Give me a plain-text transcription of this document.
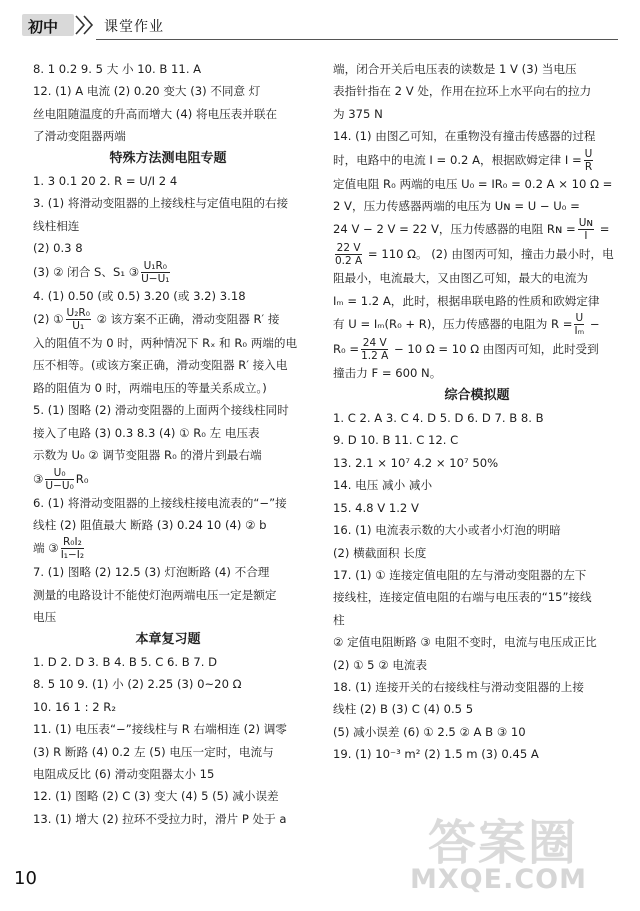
初中	课堂作业
8. 1 0.2 9. 5 大 小 10. B 11. A
12. (1) A 电流 (2) 0.20 变大 (3) 不同意 灯
丝电阻随温度的升高而增大 (4) 将电压表并联在
了滑动变阻器两端
特殊方法测电阻专题
1. 3 0.1 20 2. R = U/I 2 4
3. (1) 将滑动变阻器的上接线柱与定值电阻的右接
线柱相连
(2) 0.3 8
(3) ② 闭合 S、S₁ ③ $\frac{\text{U₁R₀}}{\text{U−U₁}}$
4. (1) 0.50 (或 0.5) 3.20 (或 3.2) 3.18
(2) ① $\frac{\text{U₂R₀}}{\text{U₁}}$ ② 该方案不正确，滑动变阻器 R′ 接
入的阻值不为 0 时，两种情况下 Rₓ 和 R₀ 两端的电
压不相等。(或该方案正确，滑动变阻器 R′ 接入电
路的阻值为 0 时，两端电压的等量关系成立。)
5. (1) 图略 (2) 滑动变阻器的上面两个接线柱同时
接入了电路 (3) 0.3 8.3 (4) ① R₀ 左 电压表
示数为 U₀ ② 调节变阻器 R₀ 的滑片到最右端
③ $\frac{\text{U₀}}{\text{U−U₀}} R_0$
6. (1) 将滑动变阻器的上接线柱接电流表的“−”接
线柱 (2) 阻值最大 断路 (3) 0.24 10 (4) ② b
端 ③ $\frac{\text{R₀I₂}}{\text{I₁−I₂}}$
7. (1) 图略 (2) 12.5 (3) 灯泡断路 (4) 不合理
测量的电路设计不能使灯泡两端电压一定是额定
电压
本章复习题
1. D 2. D 3. B 4. B 5. C 6. B 7. D
8. 5 10 9. (1) 小 (2) 2.25 (3) 0~20 Ω
10. 16 1 : 2 R₂
11. (1) 电压表“−”接线柱与 R 右端相连 (2) 调零
(3) R 断路 (4) 0.2 左 (5) 电压一定时，电流与
电阻成反比 (6) 滑动变阻器太小 15
12. (1) 图略 (2) C (3) 变大 (4) 5 (5) 减小误差
13. (1) 增大 (2) 拉环不受拉力时，滑片 P 处于 a
端，闭合开关后电压表的读数是 1 V (3) 当电压
表指针指在 2 V 处，作用在拉环上水平向右的拉力
为 375 N
14. (1) 由图乙可知，在重物没有撞击传感器的过程
时，电路中的电流 I = 0.2 A，根据欧姆定律 $I = \frac{U}{R}$
定值电阻 R₀ 两端的电压 U₀ = IR₀ = 0.2 A × 10 Ω =
2 V，压力传感器两端的电压为 Uɴ = U − U₀ =
24 V − 2 V = 22 V，压力传感器的电阻 Rɴ = $\frac{\text{Uɴ}}{I}$ =
$\frac{22 V}{0.2 A} = 110$ Ω。 (2) 由图丙可知，撞击力最小时，电
阻最小，电流最大，又由图乙可知，最大的电流为
Iₘ = 1.2 A，此时，根据串联电路的性质和欧姆定律
有 U = Iₘ(R₀ + R)，压力传感器的电阻为 $R = \frac{U}{\text{Iₘ}}$ −
$R_0 = \frac{24 V}{1.2 A} - 10$ Ω = 10 Ω 由图丙可知，此时受到
撞击力 F = 600 N。
综合模拟题
1. C 2. A 3. C 4. D 5. D 6. D 7. B 8. B
9. D 10. B 11. C 12. C
13. 2.1 × 10⁷ 4.2 × 10⁷ 50%
14. 电压 减小 减小
15. 4.8 V 1.2 V
16. (1) 电流表示数的大小或者小灯泡的明暗
(2) 横截面积 长度
17. (1) ① 连接定值电阻的左与滑动变阻器的左下
接线柱，连接定值电阻的右端与电压表的“15”接线
柱
② 定值电阻断路 ③ 电阻不变时，电流与电压成正比
(2) ① 5 ② 电流表
18. (1) 连接开关的右接线柱与滑动变阻器的上接
线柱 (2) B (3) C (4) 0.5 5
(5) 减小误差 (6) ① 2.5 ② A B ③ 10
19. (1) 10⁻³ m² (2) 1.5 m (3) 0.45 A
10
答案圈
MXQE.COM
